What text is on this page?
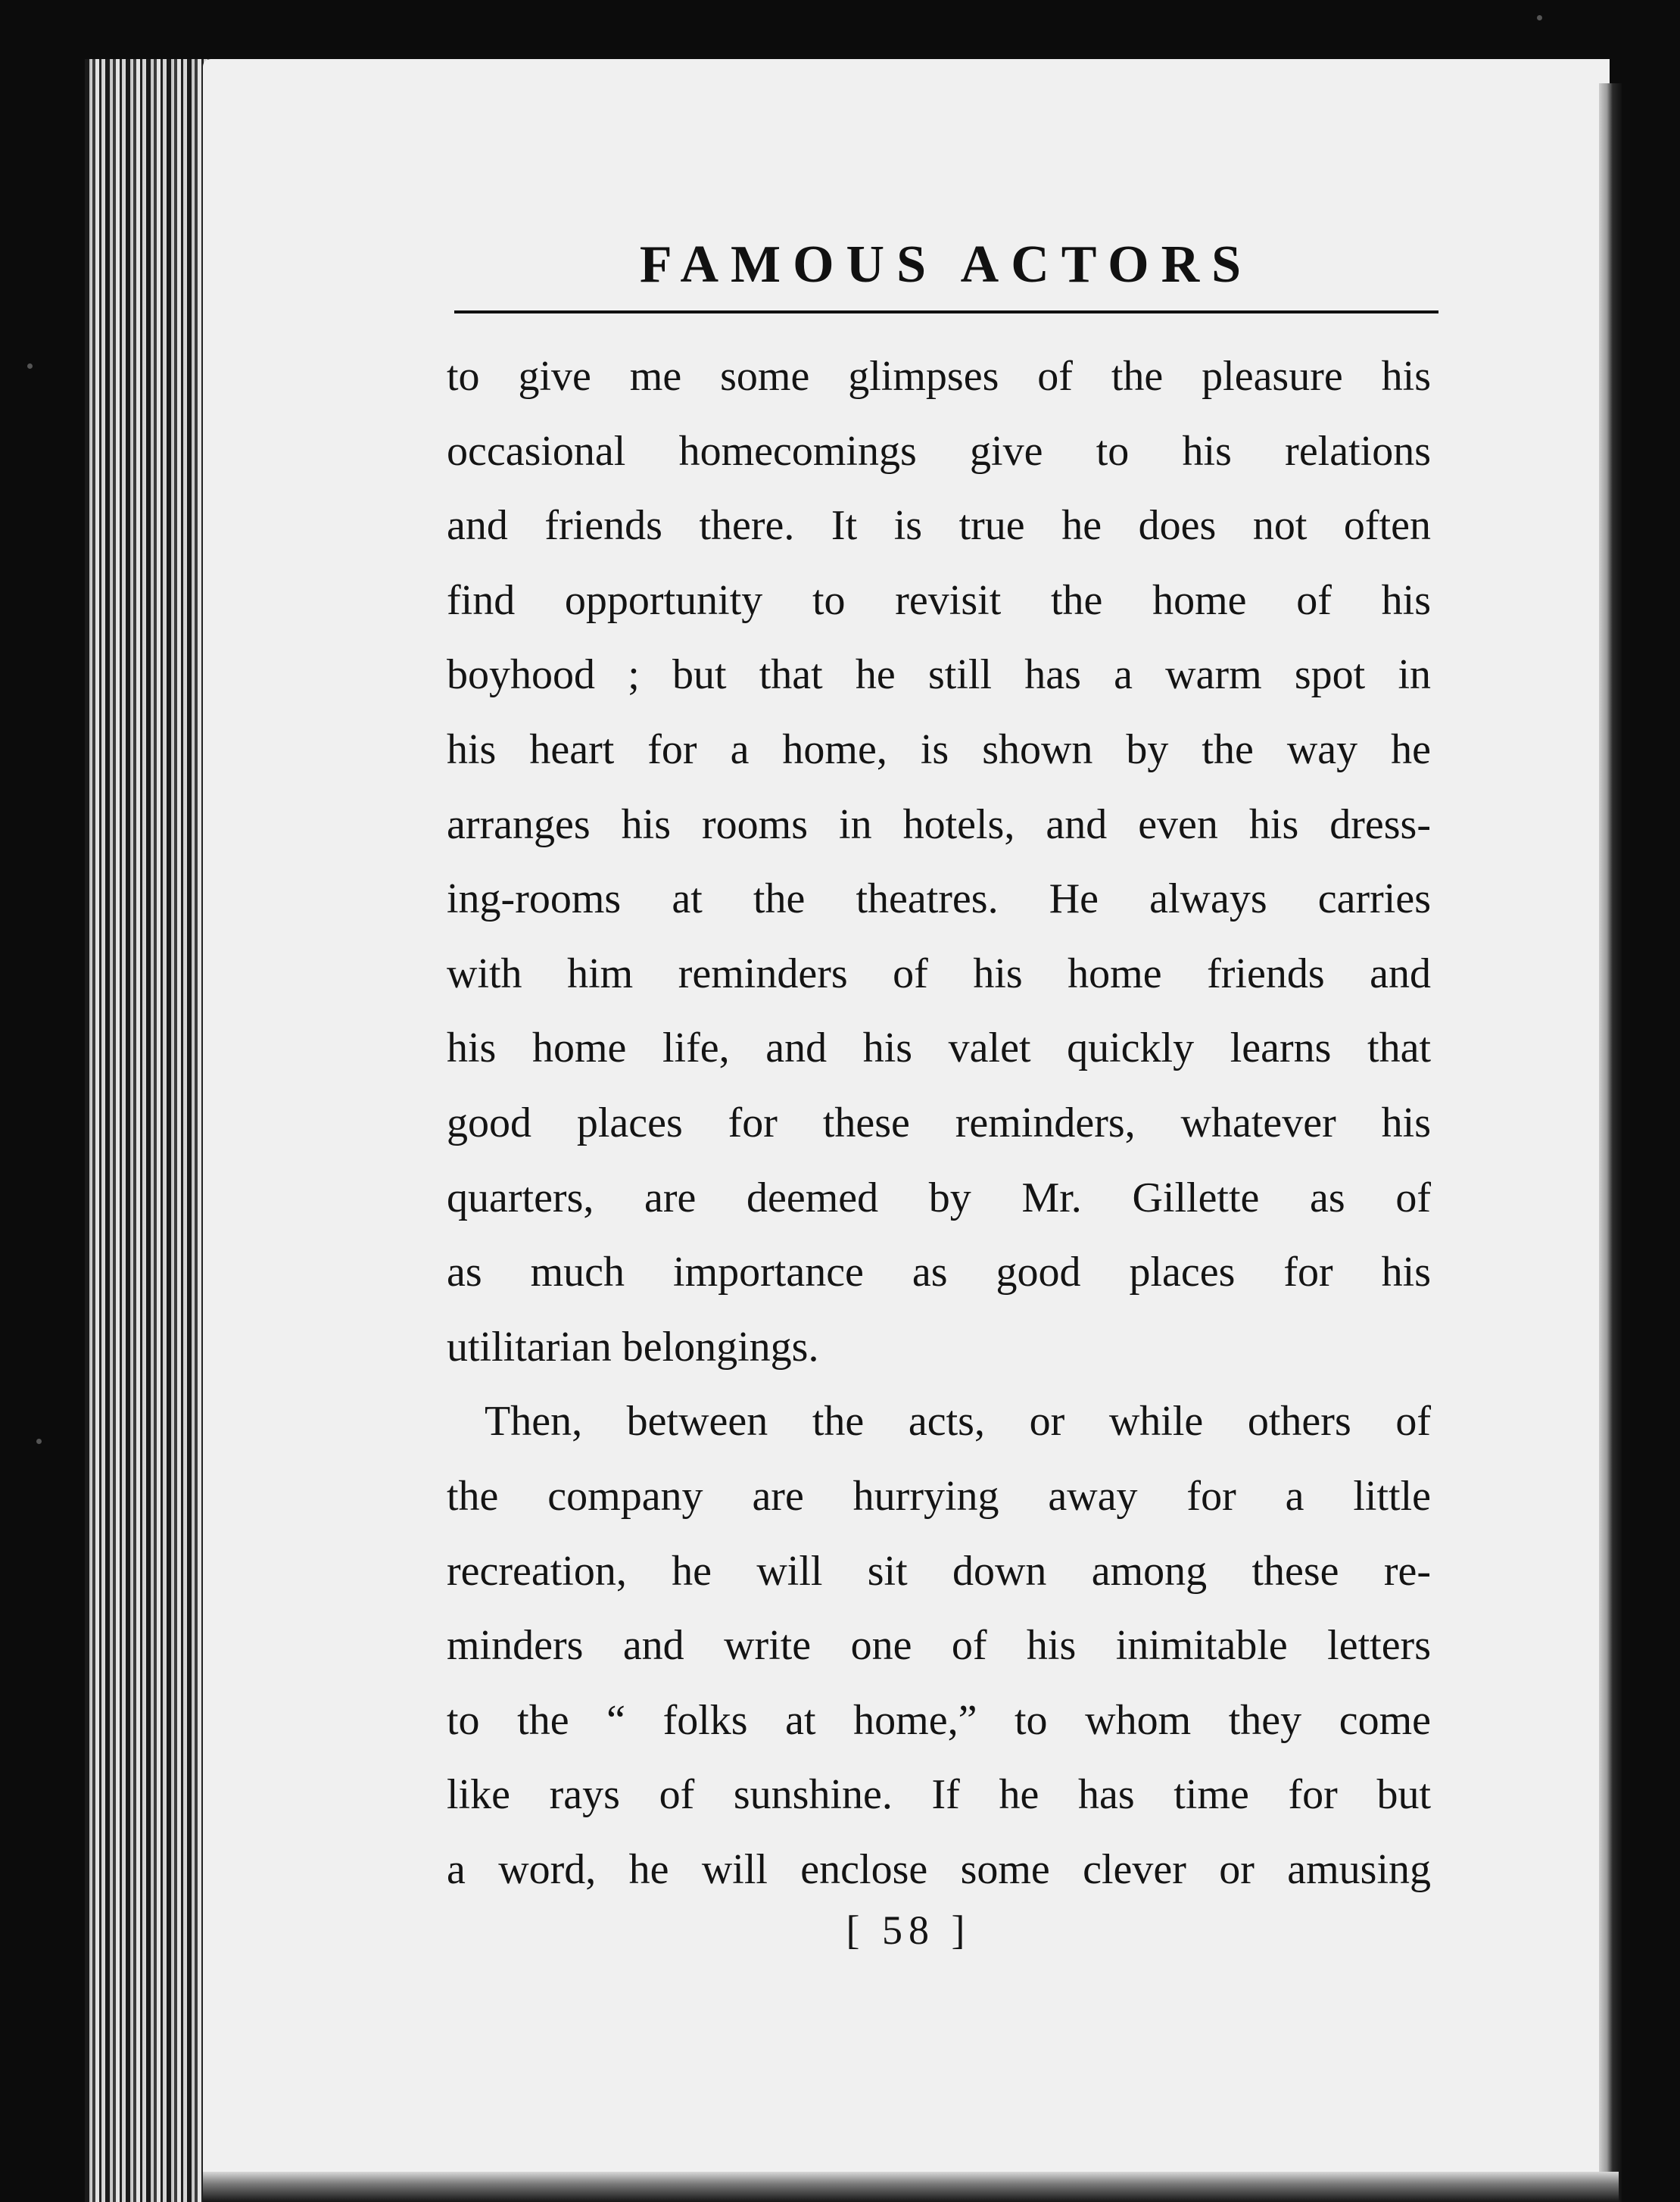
FAMOUS ACTORS
to give me some glimpses of the pleasure his
occasional homecomings give to his relations
and friends there. It is true he does not often
find opportunity to revisit the home of his
boyhood ; but that he still has a warm spot in
his heart for a home, is shown by the way he
arranges his rooms in hotels, and even his dress-
ing-rooms at the theatres. He always carries
with him reminders of his home friends and
his home life, and his valet quickly learns that
good places for these reminders, whatever his
quarters, are deemed by Mr. Gillette as of
as much importance as good places for his
utilitarian belongings.
Then, between the acts, or while others of
the company are hurrying away for a little
recreation, he will sit down among these re-
minders and write one of his inimitable letters
to the “ folks at home,” to whom they come
like rays of sunshine. If he has time for but
a word, he will enclose some clever or amusing
[ 58 ]
